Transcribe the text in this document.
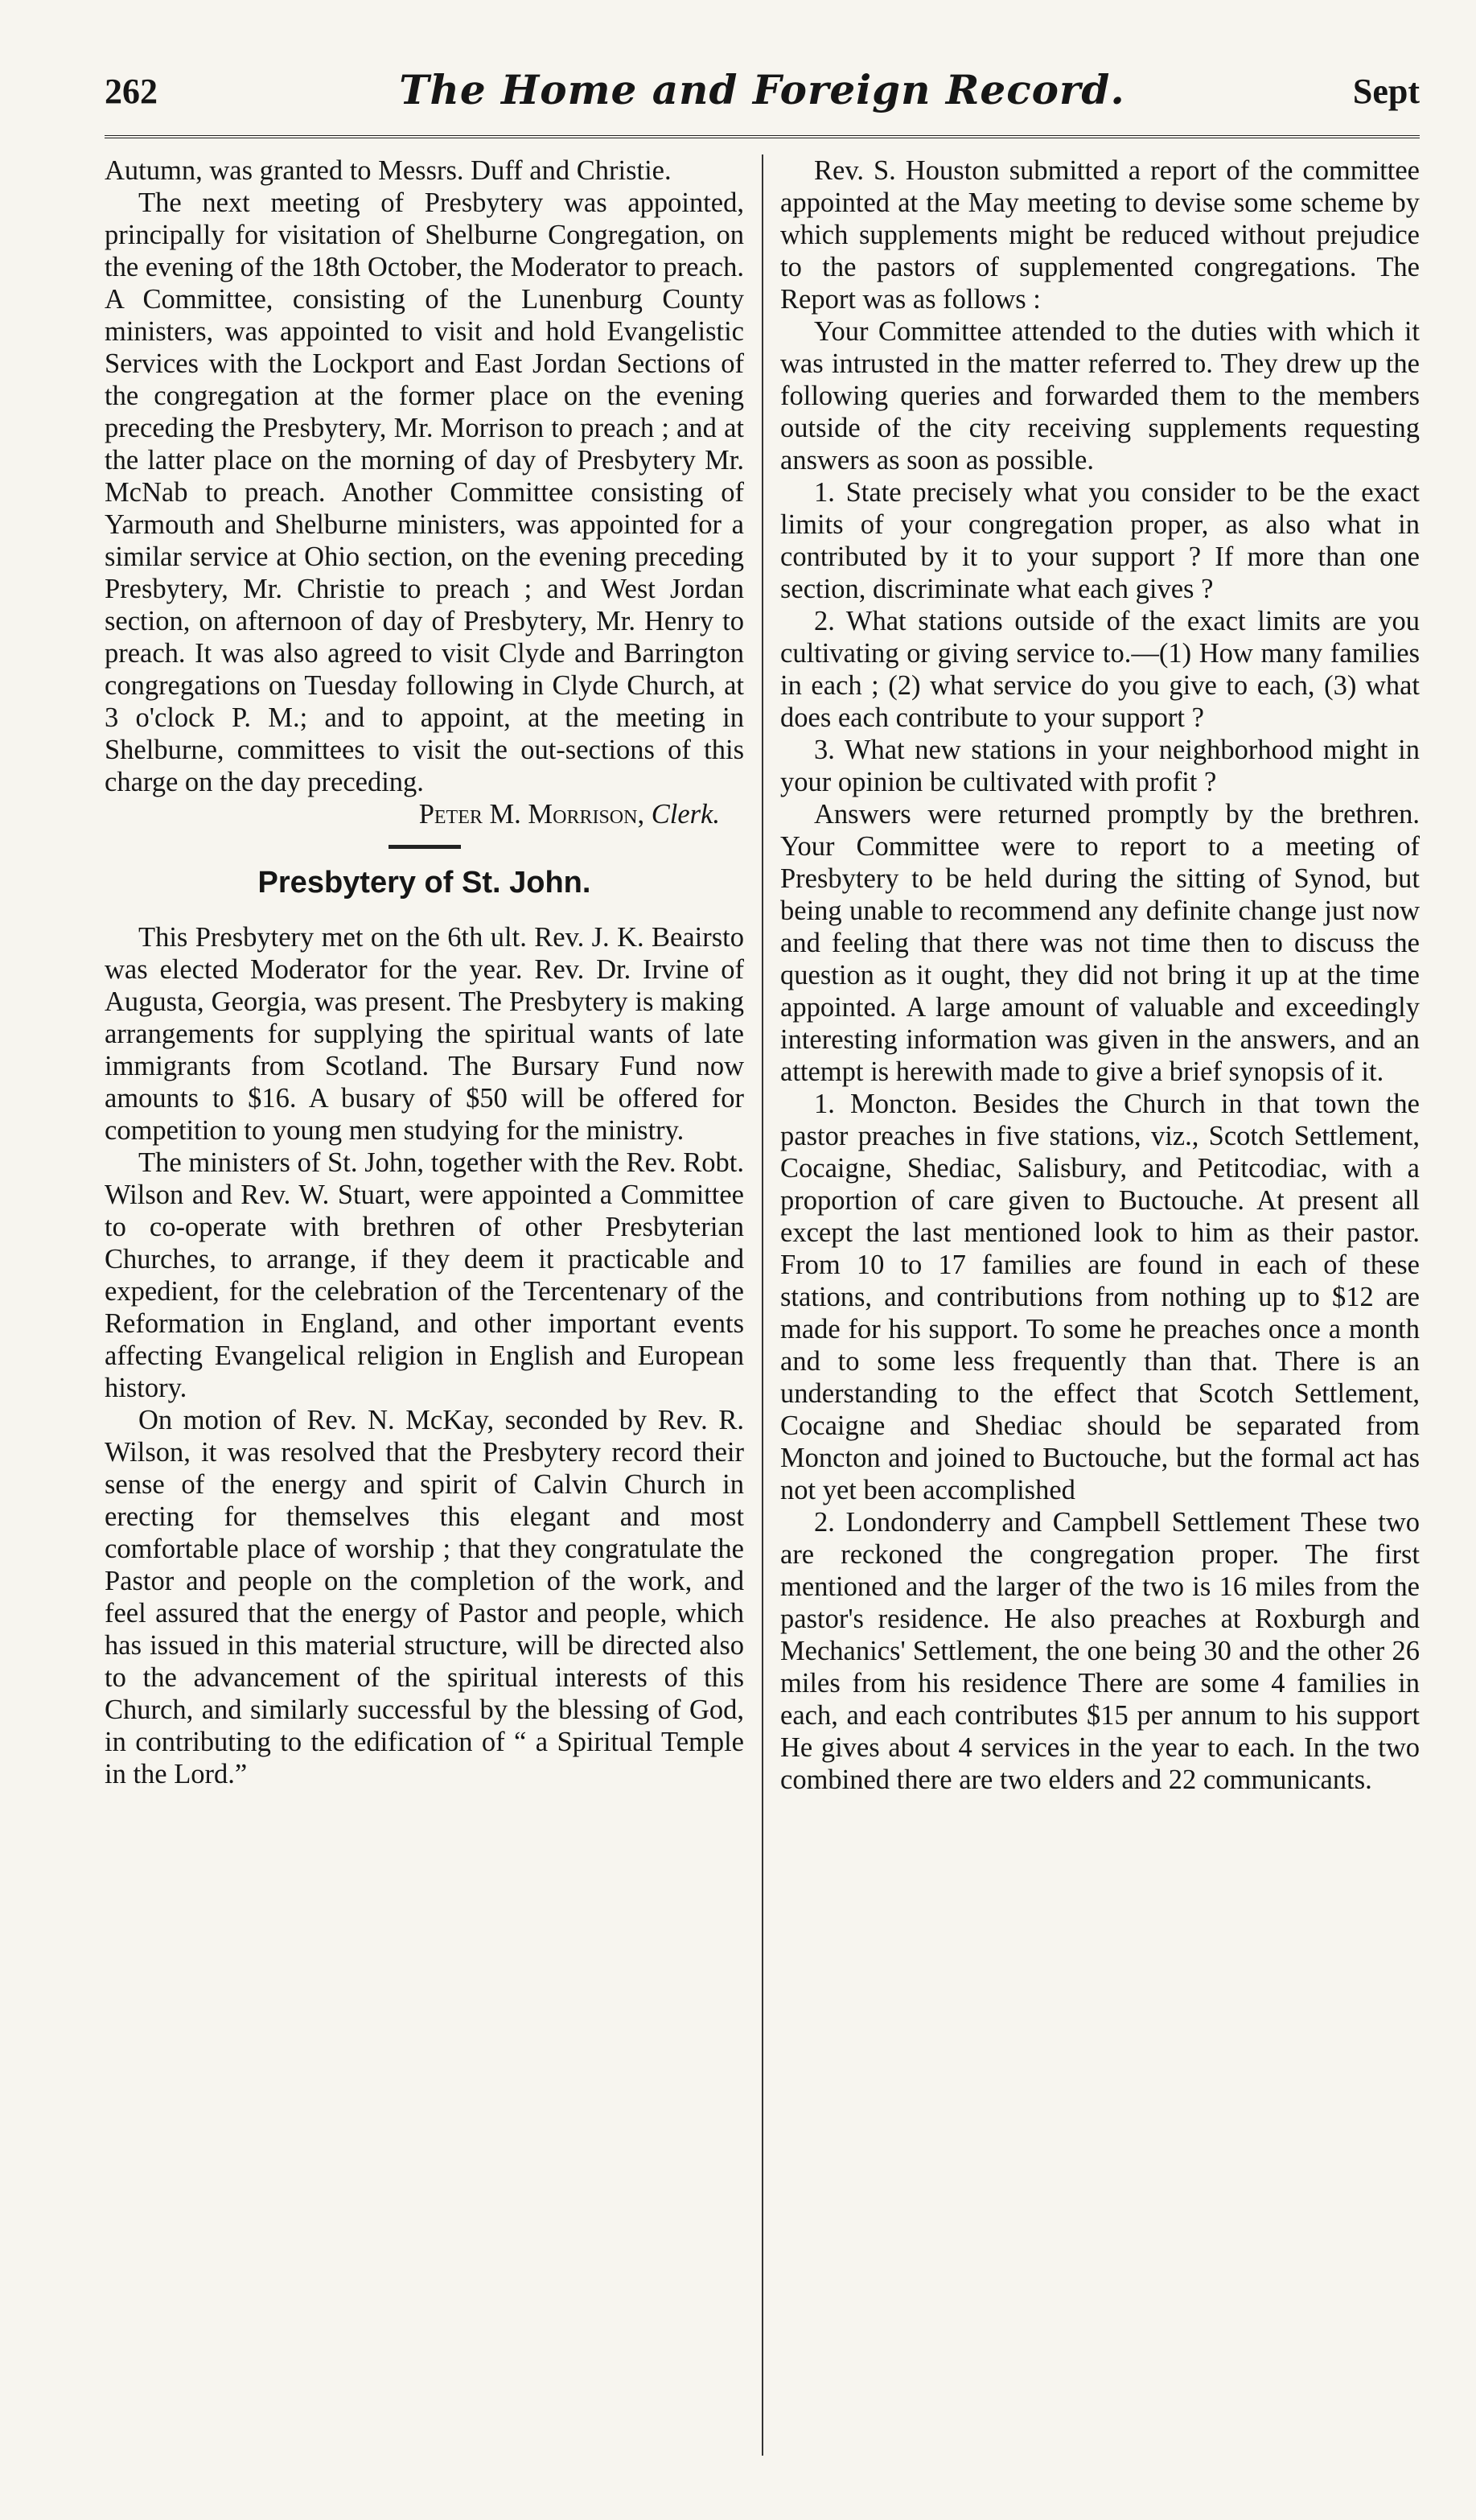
262	The Home and Foreign Record.	Sept

Autumn, was granted to Messrs. Duff and Christie.

The next meeting of Presbytery was appointed, principally for visitation of Shelburne Congregation, on the evening of the 18th October, the Moderator to preach. A Committee, consisting of the Lunenburg County ministers, was appointed to visit and hold Evangelistic Services with the Lockport and East Jordan Sections of the congregation at the former place on the evening preceding the Presbytery, Mr. Morrison to preach ; and at the latter place on the morning of day of Presbytery Mr. McNab to preach. Another Committee consisting of Yarmouth and Shelburne ministers, was appointed for a similar service at Ohio section, on the evening preceding Presbytery, Mr. Christie to preach ; and West Jordan section, on afternoon of day of Presbytery, Mr. Henry to preach. It was also agreed to visit Clyde and Barrington congregations on Tuesday following in Clyde Church, at 3 o'clock P. M.; and to appoint, at the meeting in Shelburne, committees to visit the out-sections of this charge on the day preceding.

Peter M. Morrison, Clerk.
Presbytery of St. John.

This Presbytery met on the 6th ult. Rev. J. K. Beairsto was elected Moderator for the year. Rev. Dr. Irvine of Augusta, Georgia, was present. The Presbytery is making arrangements for supplying the spiritual wants of late immigrants from Scotland. The Bursary Fund now amounts to $16. A busary of $50 will be offered for competition to young men studying for the ministry.

The ministers of St. John, together with the Rev. Robt. Wilson and Rev. W. Stuart, were appointed a Committee to co-operate with brethren of other Presbyterian Churches, to arrange, if they deem it practicable and expedient, for the celebration of the Tercentenary of the Reformation in England, and other important events affecting Evangelical religion in English and European history.

On motion of Rev. N. McKay, seconded by Rev. R. Wilson, it was resolved that the Presbytery record their sense of the energy and spirit of Calvin Church in erecting for themselves this elegant and most comfortable place of worship ; that they congratulate the Pastor and people on the completion of the work, and feel assured that the energy of Pastor and people, which has issued in this material structure, will be directed also to the advancement of the spiritual interests of this Church, and similarly successful by the blessing of God, in contributing to the edification of “ a Spiritual Temple in the Lord.”

Rev. S. Houston submitted a report of the committee appointed at the May meeting to devise some scheme by which supplements might be reduced without prejudice to the pastors of supplemented congregations. The Report was as follows :

Your Committee attended to the duties with which it was intrusted in the matter referred to. They drew up the following queries and forwarded them to the members outside of the city receiving supplements requesting answers as soon as possible.

1. State precisely what you consider to be the exact limits of your congregation proper, as also what in contributed by it to your support ? If more than one section, discriminate what each gives ?

2. What stations outside of the exact limits are you cultivating or giving service to.—(1) How many families in each ; (2) what service do you give to each, (3) what does each contribute to your support ?

3. What new stations in your neighborhood might in your opinion be cultivated with profit ?

Answers were returned promptly by the brethren. Your Committee were to report to a meeting of Presbytery to be held during the sitting of Synod, but being unable to recommend any definite change just now and feeling that there was not time then to discuss the question as it ought, they did not bring it up at the time appointed. A large amount of valuable and exceedingly interesting information was given in the answers, and an attempt is herewith made to give a brief synopsis of it.

1. Moncton. Besides the Church in that town the pastor preaches in five stations, viz., Scotch Settlement, Cocaigne, Shediac, Salisbury, and Petitcodiac, with a proportion of care given to Buctouche. At present all except the last mentioned look to him as their pastor. From 10 to 17 families are found in each of these stations, and contributions from nothing up to $12 are made for his support. To some he preaches once a month and to some less frequently than that. There is an understanding to the effect that Scotch Settlement, Cocaigne and Shediac should be separated from Moncton and joined to Buctouche, but the formal act has not yet been accomplished

2. Londonderry and Campbell Settlement These two are reckoned the congregation proper. The first mentioned and the larger of the two is 16 miles from the pastor's residence. He also preaches at Roxburgh and Mechanics' Settlement, the one being 30 and the other 26 miles from his residence There are some 4 families in each, and each contributes $15 per annum to his support He gives about 4 services in the year to each. In the two combined there are two elders and 22 communicants.
